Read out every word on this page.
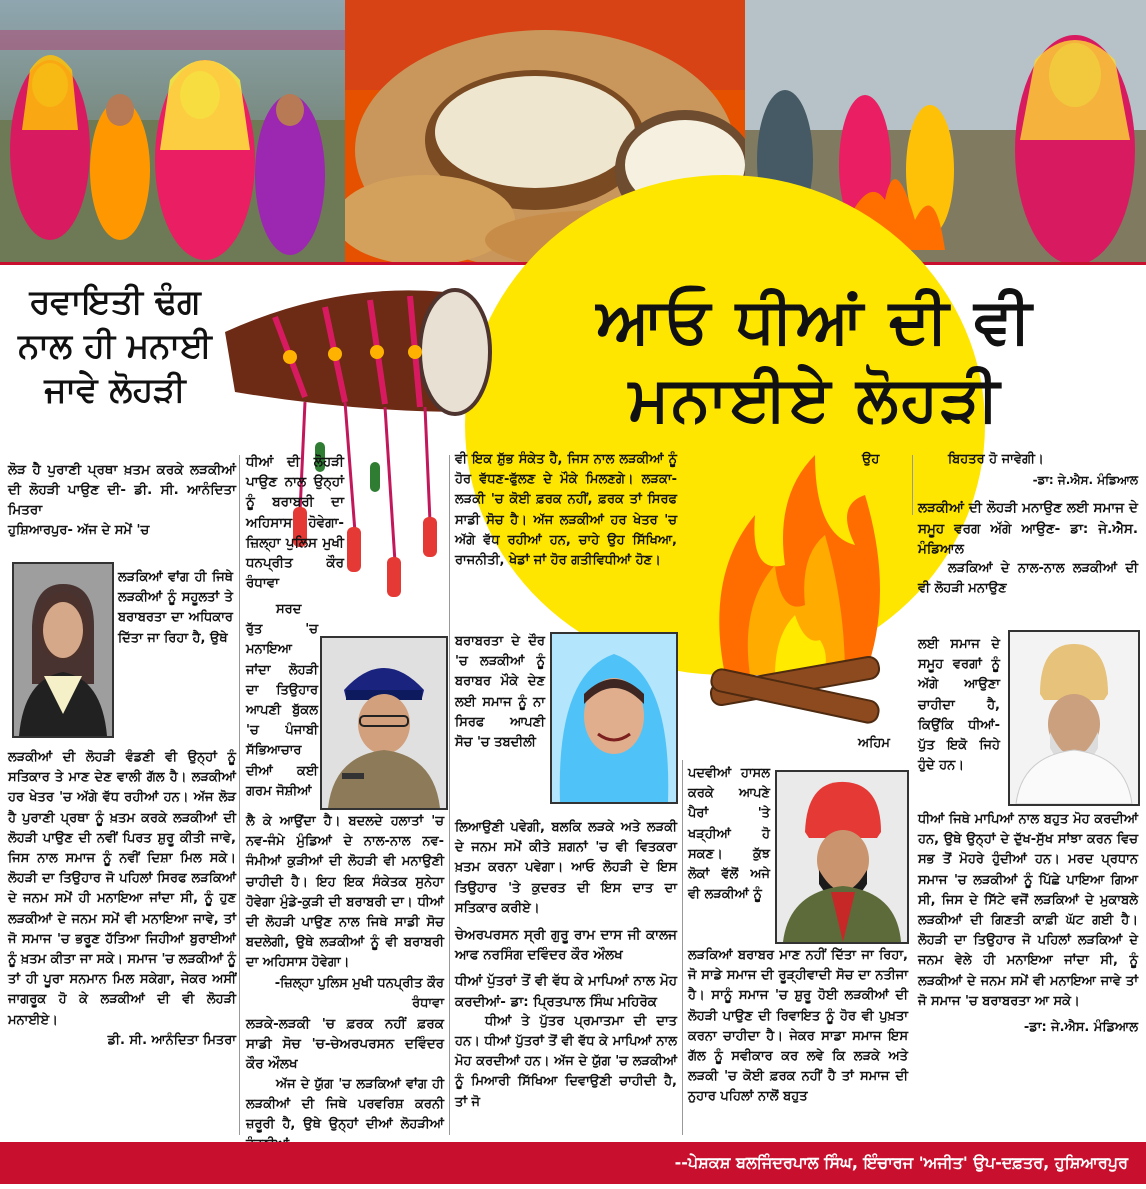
ਰਵਾਇਤੀ ਢੰਗ
ਨਾਲ ਹੀ ਮਨਾਈ
ਜਾਵੇ ਲੋਹੜੀ
ਆਓ ਧੀਆਂ ਦੀ ਵੀ
ਮਨਾਈਏ ਲੋਹੜੀ

ਲੋੜ ਹੈ ਪੁਰਾਣੀ ਪ੍ਰਥਾ ਖ਼ਤਮ ਕਰਕੇ ਲੜਕੀਆਂ ਦੀ ਲੋਹੜੀ ਪਾਉਣ ਦੀ- ਡੀ. ਸੀ. ਆਨੰਦਿਤਾ ਮਿਤਰਾ

ਹੁਸ਼ਿਆਰਪੁਰ- ਅੱਜ ਦੇ ਸਮੇਂ 'ਚ

ਲੜਕਿਆਂ ਵਾਂਗ ਹੀ ਜਿਥੇ ਲੜਕੀਆਂ ਨੂੰ ਸਹੂਲਤਾਂ ਤੇ ਬਰਾਬਰਤਾ ਦਾ ਅਧਿਕਾਰ ਦਿੱਤਾ ਜਾ ਰਿਹਾ ਹੈ, ਉਥੇ

ਲੜਕੀਆਂ ਦੀ ਲੋਹੜੀ ਵੰਡਣੀ ਵੀ ਉਨ੍ਹਾਂ ਨੂੰ ਸਤਿਕਾਰ ਤੇ ਮਾਣ ਦੇਣ ਵਾਲੀ ਗੱਲ ਹੈ। ਲੜਕੀਆਂ ਹਰ ਖੇਤਰ 'ਚ ਅੱਗੇ ਵੱਧ ਰਹੀਆਂ ਹਨ। ਅੱਜ ਲੋੜ ਹੈ ਪੁਰਾਣੀ ਪ੍ਰਥਾ ਨੂੰ ਖ਼ਤਮ ਕਰਕੇ ਲੜਕੀਆਂ ਦੀ ਲੋਹੜੀ ਪਾਉਣ ਦੀ ਨਵੀਂ ਪਿਰਤ ਸ਼ੁਰੂ ਕੀਤੀ ਜਾਵੇ, ਜਿਸ ਨਾਲ ਸਮਾਜ ਨੂੰ ਨਵੀਂ ਦਿਸ਼ਾ ਮਿਲ ਸਕੇ। ਲੋਹੜੀ ਦਾ ਤਿਉਹਾਰ ਜੋ ਪਹਿਲਾਂ ਸਿਰਫ ਲੜਕਿਆਂ ਦੇ ਜਨਮ ਸਮੇਂ ਹੀ ਮਨਾਇਆ ਜਾਂਦਾ ਸੀ, ਨੂੰ ਹੁਣ ਲੜਕੀਆਂ ਦੇ ਜਨਮ ਸਮੇਂ ਵੀ ਮਨਾਇਆ ਜਾਵੇ, ਤਾਂ ਜੋ ਸਮਾਜ 'ਚ ਭਰੂਣ ਹੱਤਿਆ ਜਿਹੀਆਂ ਬੁਰਾਈਆਂ ਨੂੰ ਖ਼ਤਮ ਕੀਤਾ ਜਾ ਸਕੇ। ਸਮਾਜ 'ਚ ਲੜਕੀਆਂ ਨੂੰ ਤਾਂ ਹੀ ਪੂਰਾ ਸਨਮਾਨ ਮਿਲ ਸਕੇਗਾ, ਜੇਕਰ ਅਸੀਂ ਜਾਗਰੂਕ ਹੋ ਕੇ ਲੜਕੀਆਂ ਦੀ ਵੀ ਲੋਹੜੀ ਮਨਾਈਏ।

ਡੀ. ਸੀ. ਆਨੰਦਿਤਾ ਮਿਤਰਾ

ਧੀਆਂ ਦੀ ਲੋਹੜੀ ਪਾਉਣ ਨਾਲ ਉਨ੍ਹਾਂ ਨੂੰ ਬਰਾਬਰੀ ਦਾ ਅਹਿਸਾਸ ਹੋਵੇਗਾ- ਜ਼ਿਲ੍ਹਾ ਪੁਲਿਸ ਮੁਖੀ ਧਨਪ੍ਰੀਤ ਕੌਰ ਰੰਧਾਵਾ

ਸਰਦ ਰੁੱਤ 'ਚ ਮਨਾਇਆ ਜਾਂਦਾ ਲੋਹੜੀ ਦਾ ਤਿਉਹਾਰ ਆਪਣੀ ਬੁੱਕਲ 'ਚ ਪੰਜਾਬੀ ਸੱਭਿਆਚਾਰ ਦੀਆਂ ਕਈ ਗਰਮ ਜੋਸ਼ੀਆਂ

ਲੈ ਕੇ ਆਉਂਦਾ ਹੈ। ਬਦਲਦੇ ਹਲਾਤਾਂ 'ਚ ਨਵ-ਜੰਮੇ ਮੁੰਡਿਆਂ ਦੇ ਨਾਲ-ਨਾਲ ਨਵ-ਜੰਮੀਆਂ ਕੁੜੀਆਂ ਦੀ ਲੋਹੜੀ ਵੀ ਮਨਾਉਣੀ ਚਾਹੀਦੀ ਹੈ। ਇਹ ਇਕ ਸੰਕੇਤਕ ਸੁਨੇਹਾ ਹੋਵੇਗਾ ਮੁੰਡੇ-ਕੁੜੀ ਦੀ ਬਰਾਬਰੀ ਦਾ। ਧੀਆਂ ਦੀ ਲੋਹੜੀ ਪਾਉਣ ਨਾਲ ਜਿਥੇ ਸਾਡੀ ਸੋਚ ਬਦਲੇਗੀ, ਉਥੇ ਲੜਕੀਆਂ ਨੂੰ ਵੀ ਬਰਾਬਰੀ ਦਾ ਅਹਿਸਾਸ ਹੋਵੇਗਾ।

-ਜ਼ਿਲ੍ਹਾ ਪੁਲਿਸ ਮੁਖੀ ਧਨਪ੍ਰੀਤ ਕੌਰ ਰੰਧਾਵਾ

ਲੜਕੇ-ਲੜਕੀ 'ਚ ਫ਼ਰਕ ਨਹੀਂ ਫ਼ਰਕ ਸਾਡੀ ਸੋਚ 'ਚ-ਚੇਅਰਪਰਸਨ ਦਵਿੰਦਰ ਕੌਰ ਔਲਖ

ਅੱਜ ਦੇ ਯੁੱਗ 'ਚ ਲੜਕਿਆਂ ਵਾਂਗ ਹੀ ਲੜਕੀਆਂ ਦੀ ਜਿਥੇ ਪਰਵਰਿਸ਼ ਕਰਨੀ ਜ਼ਰੂਰੀ ਹੈ, ਉਥੇ ਉਨ੍ਹਾਂ ਦੀਆਂ ਲੋਹੜੀਆਂ

ਵੀ ਇਕ ਸ਼ੁੱਭ ਸੰਕੇਤ ਹੈ, ਜਿਸ ਨਾਲ ਲੜਕੀਆਂ ਨੂੰ ਹੋਰ ਵੱਧਣ-ਫੁੱਲਣ ਦੇ ਮੌਕੇ ਮਿਲਣਗੇ। ਲੜਕਾ-ਲੜਕੀ 'ਚ ਕੋਈ ਫ਼ਰਕ ਨਹੀਂ, ਫ਼ਰਕ ਤਾਂ ਸਿਰਫ ਸਾਡੀ ਸੋਚ ਹੈ। ਅੱਜ ਲੜਕੀਆਂ ਹਰ ਖੇਤਰ 'ਚ ਅੱਗੇ ਵੱਧ ਰਹੀਆਂ ਹਨ, ਚਾਹੇ ਉਹ ਸਿੱਖਿਆ, ਰਾਜਨੀਤੀ, ਖੇਡਾਂ ਜਾਂ ਹੋਰ ਗਤੀਵਿਧੀਆਂ ਹੋਣ।

ਬਰਾਬਰਤਾ ਦੇ ਦੌਰ 'ਚ ਲੜਕੀਆਂ ਨੂੰ ਬਰਾਬਰ ਮੌਕੇ ਦੇਣ ਲਈ ਸਮਾਜ ਨੂੰ ਨਾ ਸਿਰਫ ਆਪਣੀ ਸੋਚ 'ਚ ਤਬਦੀਲੀ

ਲਿਆਉਣੀ ਪਵੇਗੀ, ਬਲਕਿ ਲੜਕੇ ਅਤੇ ਲੜਕੀ ਦੇ ਜਨਮ ਸਮੇਂ ਕੀਤੇ ਸ਼ਗਨਾਂ 'ਚ ਵੀ ਵਿਤਕਰਾ ਖ਼ਤਮ ਕਰਨਾ ਪਵੇਗਾ। ਆਓ ਲੋਹੜੀ ਦੇ ਇਸ ਤਿਉਹਾਰ 'ਤੇ ਕੁਦਰਤ ਦੀ ਇਸ ਦਾਤ ਦਾ ਸਤਿਕਾਰ ਕਰੀਏ।

ਚੇਅਰਪਰਸਨ ਸ੍ਰੀ ਗੁਰੂ ਰਾਮ ਦਾਸ ਜੀ ਕਾਲਜ ਆਫ ਨਰਸਿੰਗ ਦਵਿੰਦਰ ਕੌਰ ਔਲਖ

ਧੀਆਂ ਪੁੱਤਰਾਂ ਤੋਂ ਵੀ ਵੱਧ ਕੇ ਮਾਪਿਆਂ ਨਾਲ ਮੋਹ ਕਰਦੀਆਂ- ਡਾ: ਪ੍ਰਿਤਪਾਲ ਸਿੰਘ ਮਹਿਰੋਕ

ਧੀਆਂ ਤੇ ਪੁੱਤਰ ਪ੍ਰਮਾਤਮਾ ਦੀ ਦਾਤ ਹਨ। ਧੀਆਂ ਪੁੱਤਰਾਂ ਤੋਂ ਵੀ ਵੱਧ ਕੇ ਮਾਪਿਆਂ ਨਾਲ ਮੋਹ ਕਰਦੀਆਂ ਹਨ। ਅੱਜ ਦੇ ਯੁੱਗ 'ਚ ਲੜਕੀਆਂ ਨੂੰ ਮਿਆਰੀ ਸਿੱਖਿਆ ਦਿਵਾਉਣੀ ਚਾਹੀਦੀ ਹੈ, ਤਾਂ ਜੋ

ਉਹ

ਅਹਿਮ

ਪਦਵੀਆਂ ਹਾਸਲ ਕਰਕੇ ਆਪਣੇ ਪੈਰਾਂ 'ਤੇ ਖੜ੍ਹੀਆਂ ਹੋ ਸਕਣ। ਕੁੱਝ ਲੋਕਾਂ ਵੱਲੋਂ ਅਜੇ ਵੀ ਲੜਕੀਆਂ ਨੂੰ

ਲੜਕਿਆਂ ਬਰਾਬਰ ਮਾਣ ਨਹੀਂ ਦਿੱਤਾ ਜਾ ਰਿਹਾ, ਜੋ ਸਾਡੇ ਸਮਾਜ ਦੀ ਰੂੜ੍ਹੀਵਾਦੀ ਸੋਚ ਦਾ ਨਤੀਜਾ ਹੈ। ਸਾਨੂੰ ਸਮਾਜ 'ਚ ਸ਼ੁਰੂ ਹੋਈ ਲੜਕੀਆਂ ਦੀ ਲੋਹੜੀ ਪਾਉਣ ਦੀ ਰਿਵਾਇਤ ਨੂੰ ਹੋਰ ਵੀ ਪੁਖ਼ਤਾ ਕਰਨਾ ਚਾਹੀਦਾ ਹੈ। ਜੇਕਰ ਸਾਡਾ ਸਮਾਜ ਇਸ ਗੱਲ ਨੂੰ ਸਵੀਕਾਰ ਕਰ ਲਵੇ ਕਿ ਲੜਕੇ ਅਤੇ ਲੜਕੀ 'ਚ ਕੋਈ ਫ਼ਰਕ ਨਹੀਂ ਹੈ ਤਾਂ ਸਮਾਜ ਦੀ ਨੁਹਾਰ ਪਹਿਲਾਂ ਨਾਲੋਂ ਬਹੁਤ

ਬਿਹਤਰ ਹੋ ਜਾਵੇਗੀ।

-ਡਾ: ਜੇ.ਐਸ. ਮੰਡਿਆਲ

ਲੜਕੀਆਂ ਦੀ ਲੋਹੜੀ ਮਨਾਉਣ ਲਈ ਸਮਾਜ ਦੇ ਸਮੂਹ ਵਰਗ ਅੱਗੇ ਆਉਣ- ਡਾ: ਜੇ.ਐਸ. ਮੰਡਿਆਲ

ਲੜਕਿਆਂ ਦੇ ਨਾਲ-ਨਾਲ ਲੜਕੀਆਂ ਦੀ ਵੀ ਲੋਹੜੀ ਮਨਾਉਣ

ਲਈ ਸਮਾਜ ਦੇ ਸਮੂਹ ਵਰਗਾਂ ਨੂੰ ਅੱਗੇ ਆਉਣਾ ਚਾਹੀਦਾ ਹੈ, ਕਿਉਂਕਿ ਧੀਆਂ-ਪੁੱਤ ਇਕੋ ਜਿਹੇ ਹੁੰਦੇ ਹਨ।

ਧੀਆਂ ਜਿਥੇ ਮਾਪਿਆਂ ਨਾਲ ਬਹੁਤ ਮੋਹ ਕਰਦੀਆਂ ਹਨ, ਉਥੇ ਉਨ੍ਹਾਂ ਦੇ ਦੁੱਖ-ਸੁੱਖ ਸਾਂਝਾ ਕਰਨ ਵਿਚ ਸਭ ਤੋਂ ਮੋਹਰੇ ਹੁੰਦੀਆਂ ਹਨ। ਮਰਦ ਪ੍ਰਧਾਨ ਸਮਾਜ 'ਚ ਲੜਕੀਆਂ ਨੂੰ ਪਿੱਛੇ ਪਾਇਆ ਗਿਆ ਸੀ, ਜਿਸ ਦੇ ਸਿੱਟੇ ਵਜੋਂ ਲੜਕਿਆਂ ਦੇ ਮੁਕਾਬਲੇ ਲੜਕੀਆਂ ਦੀ ਗਿਣਤੀ ਕਾਫ਼ੀ ਘੱਟ ਗਈ ਹੈ। ਲੋਹੜੀ ਦਾ ਤਿਉਹਾਰ ਜੋ ਪਹਿਲਾਂ ਲੜਕਿਆਂ ਦੇ ਜਨਮ ਵੇਲੇ ਹੀ ਮਨਾਇਆ ਜਾਂਦਾ ਸੀ, ਨੂੰ ਲੜਕੀਆਂ ਦੇ ਜਨਮ ਸਮੇਂ ਵੀ ਮਨਾਇਆ ਜਾਵੇ ਤਾਂ ਜੋ ਸਮਾਜ 'ਚ ਬਰਾਬਰਤਾ ਆ ਸਕੇ।

-ਡਾ: ਜੇ.ਐਸ. ਮੰਡਿਆਲ

--ਪੇਸ਼ਕਸ਼ ਬਲਜਿੰਦਰਪਾਲ ਸਿੰਘ, ਇੰਚਾਰਜ 'ਅਜੀਤ' ਉਪ-ਦਫ਼ਤਰ, ਹੁਸ਼ਿਆਰਪੁਰ
